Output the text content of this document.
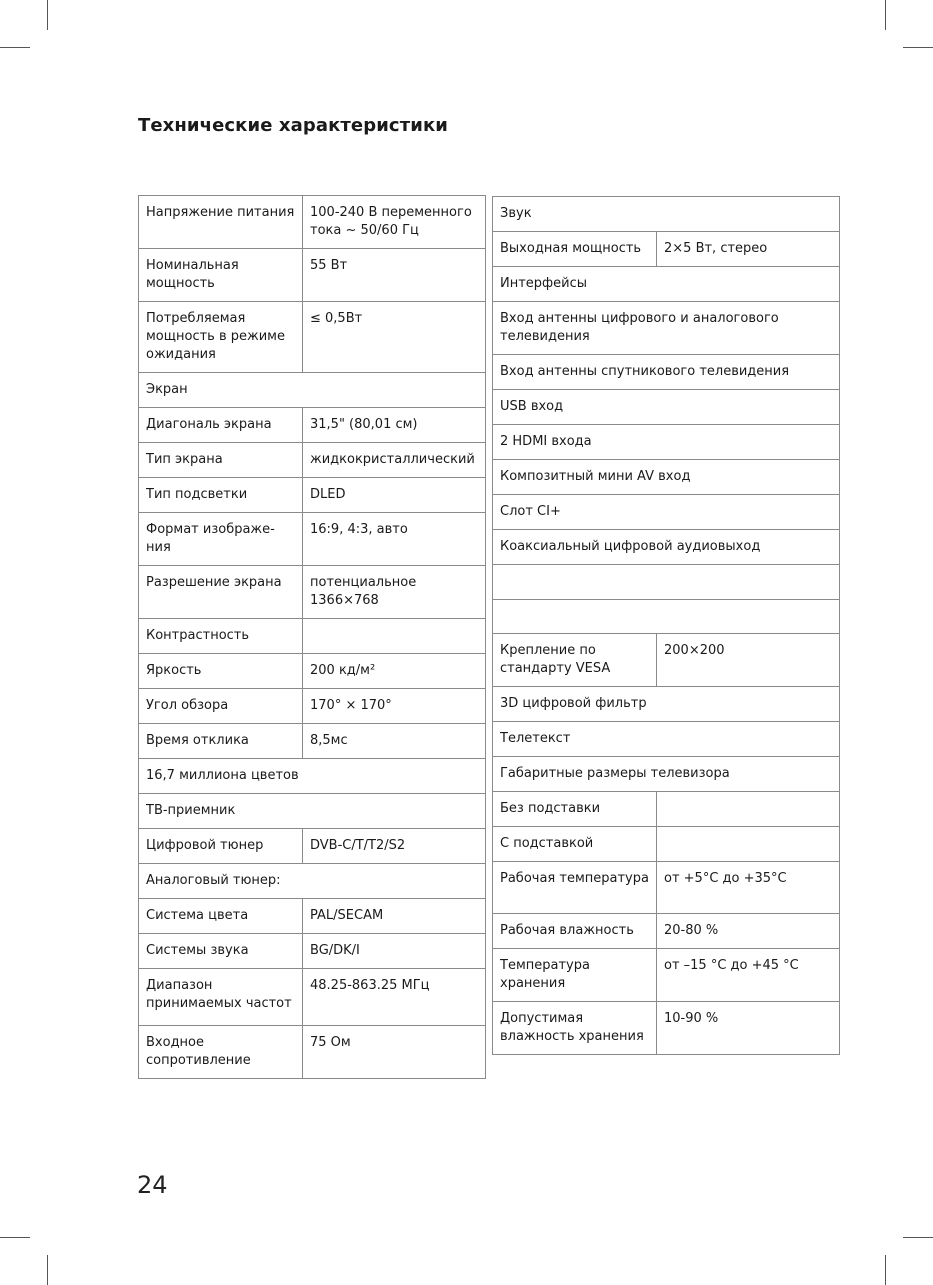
Технические характеристики
Напряжение питания	100-240 В переменного тока ~ 50/60 Гц
Номинальная мощность	55 Вт
Потребляемая мощность в режиме ожидания	≤ 0,5Вт
Экран	
Диагональ экрана	31,5" (80,01 см)
Тип экрана	жидкокристаллический
Тип подсветки	DLED
Формат изображе-ния	16:9, 4:3, авто
Разрешение экрана	потенциальное 1366×768
Контрастность	
Яркость	200 кд/м²
Угол обзора	170° × 170°
Время отклика	8,5мс
16,7 миллиона цветов	
ТВ-приемник	
Цифровой тюнер	DVB-C/T/T2/S2
Аналоговый тюнер:	
Система цвета	PAL/SECAM
Системы звука	BG/DK/I
Диапазон принимаемых частот	48.25-863.25 МГц
Входное сопротивление	75 Ом
Звук	
Выходная мощность	2×5 Вт, стерео
Интерфейсы	
Вход антенны цифрового и аналогового телевидения	
Вход антенны спутникового телевидения	
USB вход	
2 HDMI входа	
Композитный мини AV вход	
Слот CI+	
Коаксиальный цифровой аудиовыход	

Крепление по стандарту VESA	200×200
3D цифровой фильтр	
Телетекст	
Габаритные размеры телевизора	
Без подставки	
С подставкой	
Рабочая температура	от +5°C до +35°C
Рабочая влажность	20-80 %
Температура хранения	от –15 °C до +45 °C
Допустимая влажность хранения	10-90 %
24
